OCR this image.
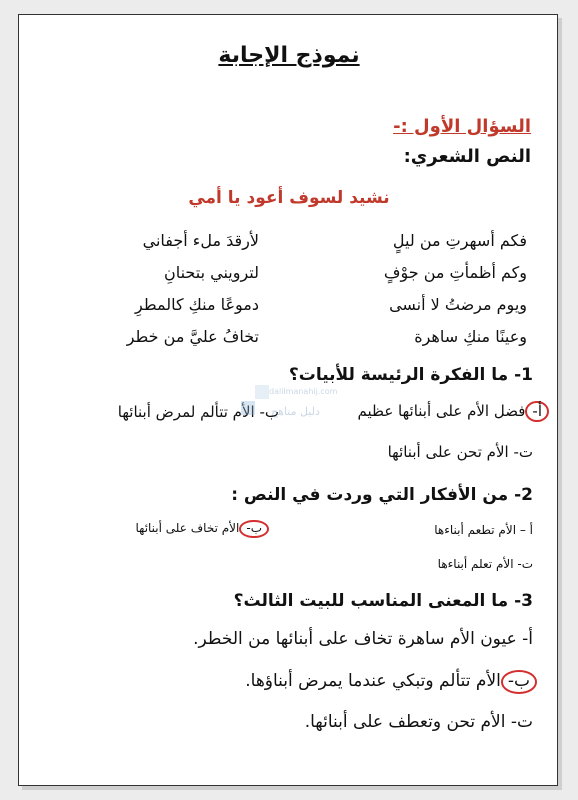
نموذج الإجابة
السؤال الأول :-
النص الشعري:
نشيد لسوف أعود يا أمي
فكم أسهرتِ من ليلٍ
لأرقدَ ملء أجفاني
وكم أظمأتِ من جوْفٍ
لترويني بتحنانِ
ويوم مرضتُ لا أنسى
دموعًا منكِ كالمطرِ
وعينًا منكِ ساهرة
تخافُ عليَّ من خطر
1- ما الفكرة الرئيسة للأبيات؟
أ-فضل الأم على أبنائها عظيم
ب- الأم تتألم لمرض أبنائها
ت- الأم تحن على أبنائها
2- من الأفكار التي وردت في النص :
أ – الأم تطعم أبناءها
ب-الأم تخاف على أبنائها
ت- الأم تعلم أبناءها
3- ما المعنى المناسب للبيت الثالث؟
أ- عيون الأم ساهرة تخاف على أبنائها من الخطر.
ب-الأم تتألم وتبكي عندما يمرض أبناؤها.
ت- الأم تحن وتعطف على أبنائها.
dalilmanahij.com
دليل مناهج
